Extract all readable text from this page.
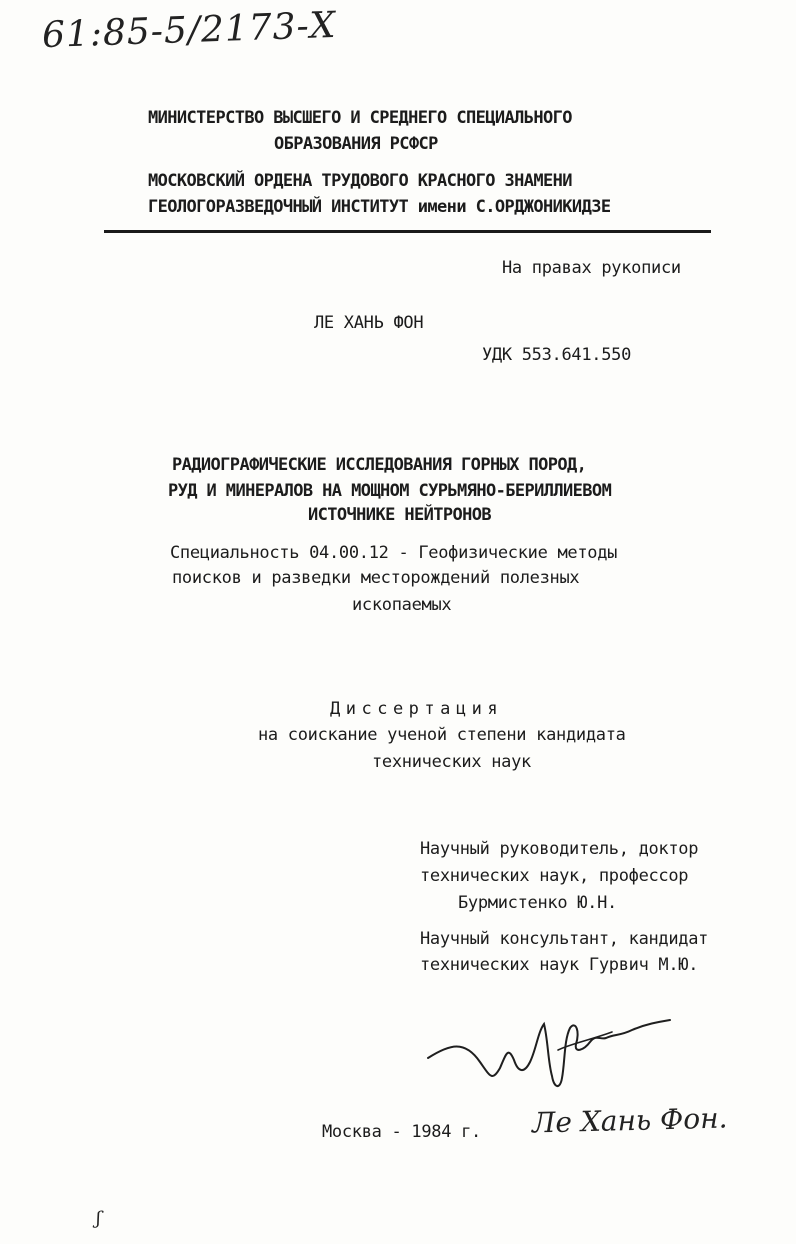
61:85-5/2173-Х
МИНИСТЕРСТВО ВЫСШЕГО И СРЕДНЕГО СПЕЦИАЛЬНОГО
ОБРАЗОВАНИЯ РСФСР
МОСКОВСКИЙ ОРДЕНА ТРУДОВОГО КРАСНОГО ЗНАМЕНИ
ГЕОЛОГОРАЗВЕДОЧНЫЙ ИНСТИТУТ имени С.ОРДЖОНИКИДЗЕ
На правах рукописи
ЛЕ ХАНЬ ФОН
УДК 553.641.550
РАДИОГРАФИЧЕСКИЕ ИССЛЕДОВАНИЯ ГОРНЫХ ПОРОД,
РУД И МИНЕРАЛОВ НА МОЩНОМ СУРЬМЯНО-БЕРИЛЛИЕВОМ
ИСТОЧНИКЕ НЕЙТРОНОВ
Специальность 04.00.12 - Геофизические методы
поисков и разведки месторождений полезных
ископаемых
Диссертация
на соискание ученой степени кандидата
технических наук
Научный руководитель, доктор
технических наук, профессор
Бурмистенко Ю.Н.
Научный консультант, кандидат
технических наук Гурвич М.Ю.
Москва - 1984 г. Ле Хань Фон.
ʃ
